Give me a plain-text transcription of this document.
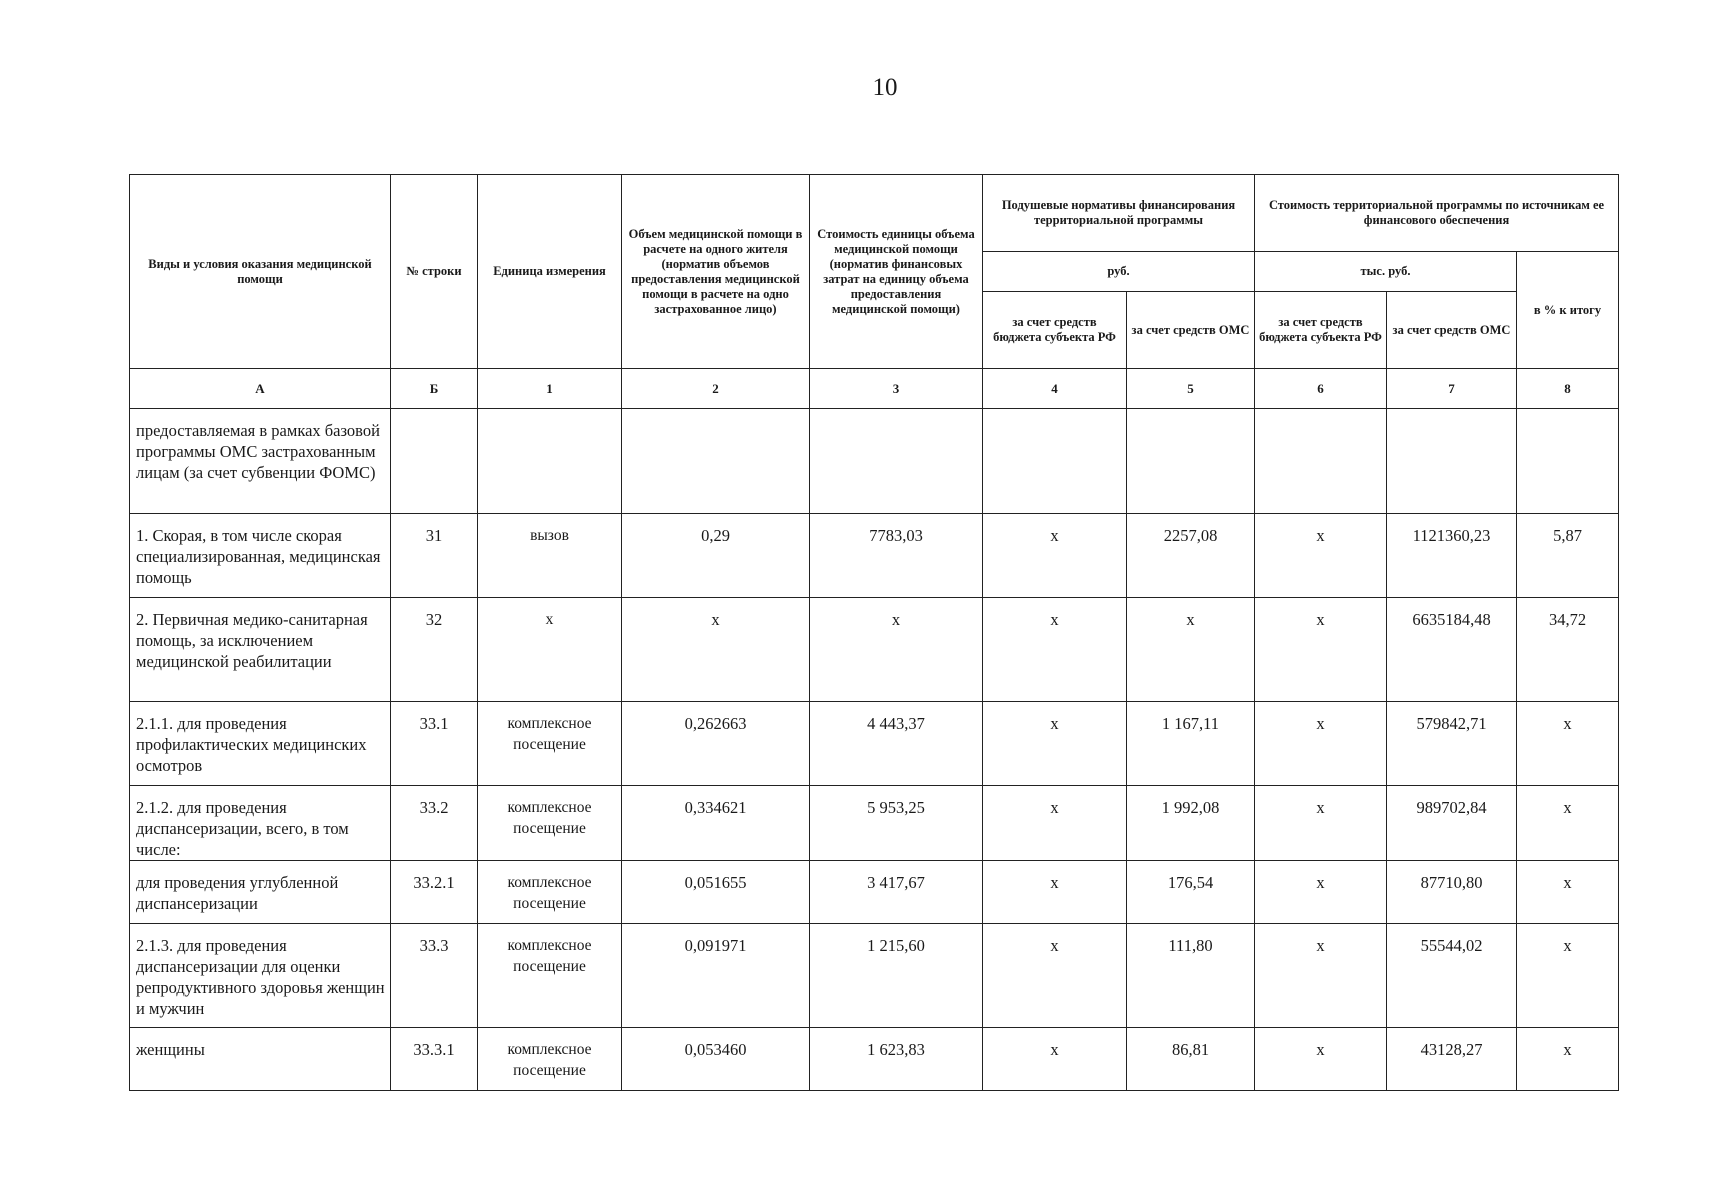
10
Виды и условия оказания медицинской помощи	№ строки	Единица измерения	Объем медицинской помощи в расчете на одного жителя (норматив объемов предоставления медицинской помощи в расчете на одно застрахованное лицо)	Стоимость единицы объема медицинской помощи (норматив финансовых затрат на единицу объема предоставления медицинской помощи)	Подушевые нормативы финансирования территориальной программы		Стоимость территориальной программы по источникам ее финансового обеспечения		
					руб.		тыс. руб.		в % к итогу
					за счет средств бюджета субъекта РФ	за счет средств ОМС	за счет средств бюджета субъекта РФ	за счет средств ОМС	
А	Б	1	2	3	4	5	6	7	8
предоставляемая в рамках базовой программы ОМС застрахованным лицам (за счет субвенции ФОМС)									
1. Скорая, в том числе скорая специализированная, медицинская помощь	31	вызов	0,29	7783,03	х	2257,08	х	1121360,23	5,87
2. Первичная медико-санитарная помощь, за исключением медицинской реабилитации	32	х	х	х	х	х	х	6635184,48	34,72
2.1.1. для проведения профилактических медицинских осмотров	33.1	комплексное посещение	0,262663	4 443,37	х	1 167,11	х	579842,71	х
2.1.2. для проведения диспансеризации, всего, в том числе:	33.2	комплексное посещение	0,334621	5 953,25	х	1 992,08	х	989702,84	х
для проведения углубленной диспансеризации	33.2.1	комплексное посещение	0,051655	3 417,67	х	176,54	х	87710,80	х
2.1.3. для проведения диспансеризации для оценки репродуктивного здоровья женщин и мужчин	33.3	комплексное посещение	0,091971	1 215,60	х	111,80	х	55544,02	х
женщины	33.3.1	комплексное посещение	0,053460	1 623,83	х	86,81	х	43128,27	х
